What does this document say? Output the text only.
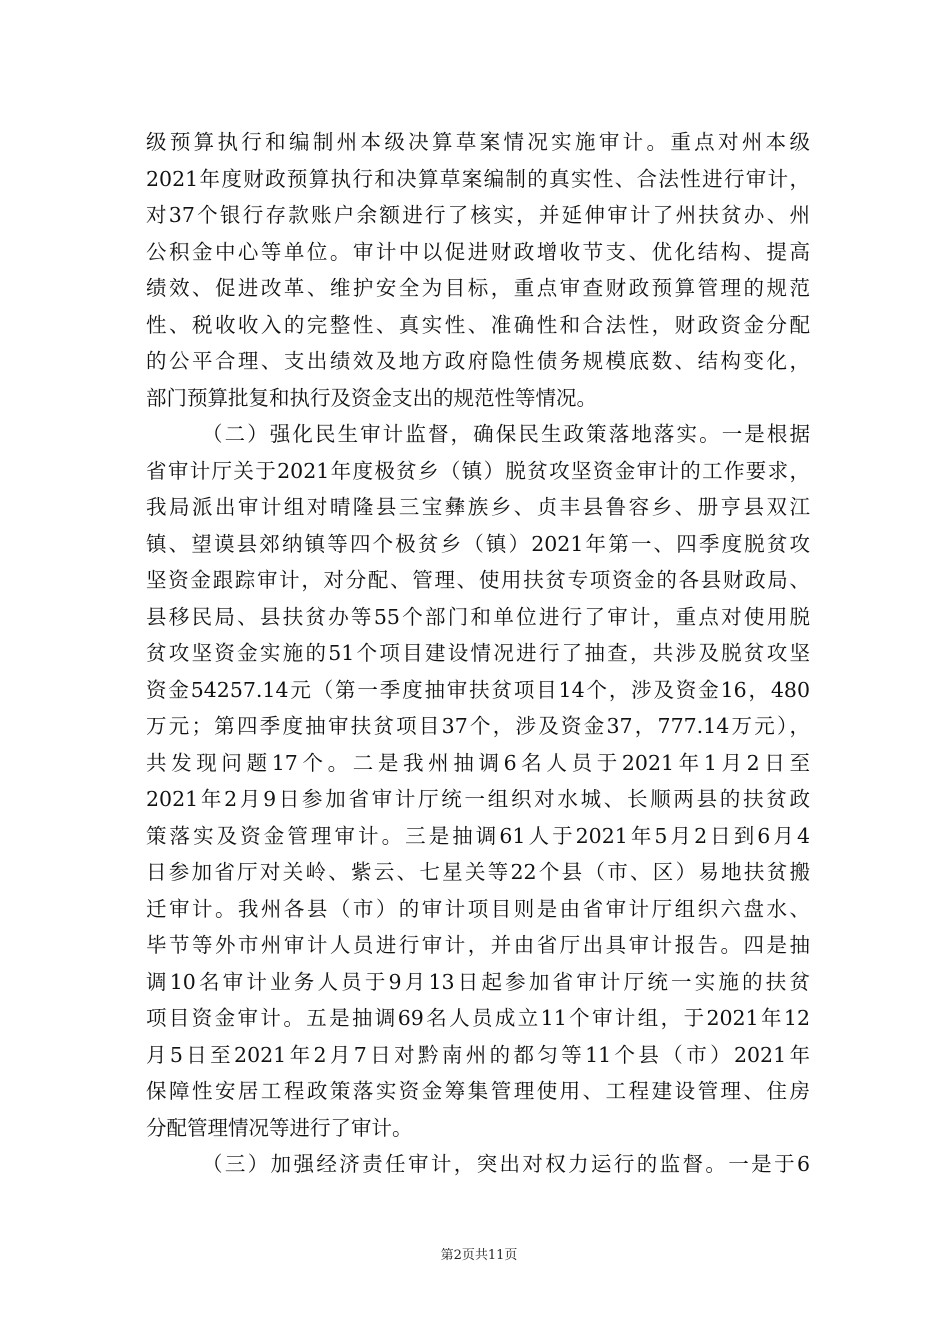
级预算执行和编制州本级决算草案情况实施审计。重点对州本级
2021年度财政预算执行和决算草案编制的真实性、合法性进行审计，
对37个银行存款账户余额进行了核实，并延伸审计了州扶贫办、州
公积金中心等单位。审计中以促进财政增收节支、优化结构、提高
绩效、促进改革、维护安全为目标，重点审查财政预算管理的规范
性、税收收入的完整性、真实性、准确性和合法性，财政资金分配
的公平合理、支出绩效及地方政府隐性债务规模底数、结构变化，
部门预算批复和执行及资金支出的规范性等情况。
（二）强化民生审计监督，确保民生政策落地落实。一是根据
省审计厅关于2021年度极贫乡（镇）脱贫攻坚资金审计的工作要求，
我局派出审计组对晴隆县三宝彝族乡、贞丰县鲁容乡、册亨县双江
镇、望谟县郊纳镇等四个极贫乡（镇）2021年第一、四季度脱贫攻
坚资金跟踪审计，对分配、管理、使用扶贫专项资金的各县财政局、
县移民局、县扶贫办等55个部门和单位进行了审计，重点对使用脱
贫攻坚资金实施的51个项目建设情况进行了抽查，共涉及脱贫攻坚
资金54257.14元（第一季度抽审扶贫项目14个，涉及资金16，480
万元；第四季度抽审扶贫项目37个，涉及资金37，777.14万元），
共发现问题17个。二是我州抽调6名人员于2021年1月2日至
2021年2月9日参加省审计厅统一组织对水城、长顺两县的扶贫政
策落实及资金管理审计。三是抽调61人于2021年5月2日到6月4
日参加省厅对关岭、紫云、七星关等22个县（市、区）易地扶贫搬
迁审计。我州各县（市）的审计项目则是由省审计厅组织六盘水、
毕节等外市州审计人员进行审计，并由省厅出具审计报告。四是抽
调10名审计业务人员于9月13日起参加省审计厅统一实施的扶贫
项目资金审计。五是抽调69名人员成立11个审计组，于2021年12
月5日至2021年2月7日对黔南州的都匀等11个县（市）2021年
保障性安居工程政策落实资金筹集管理使用、工程建设管理、住房
分配管理情况等进行了审计。
（三）加强经济责任审计，突出对权力运行的监督。一是于6
第2页共11页
